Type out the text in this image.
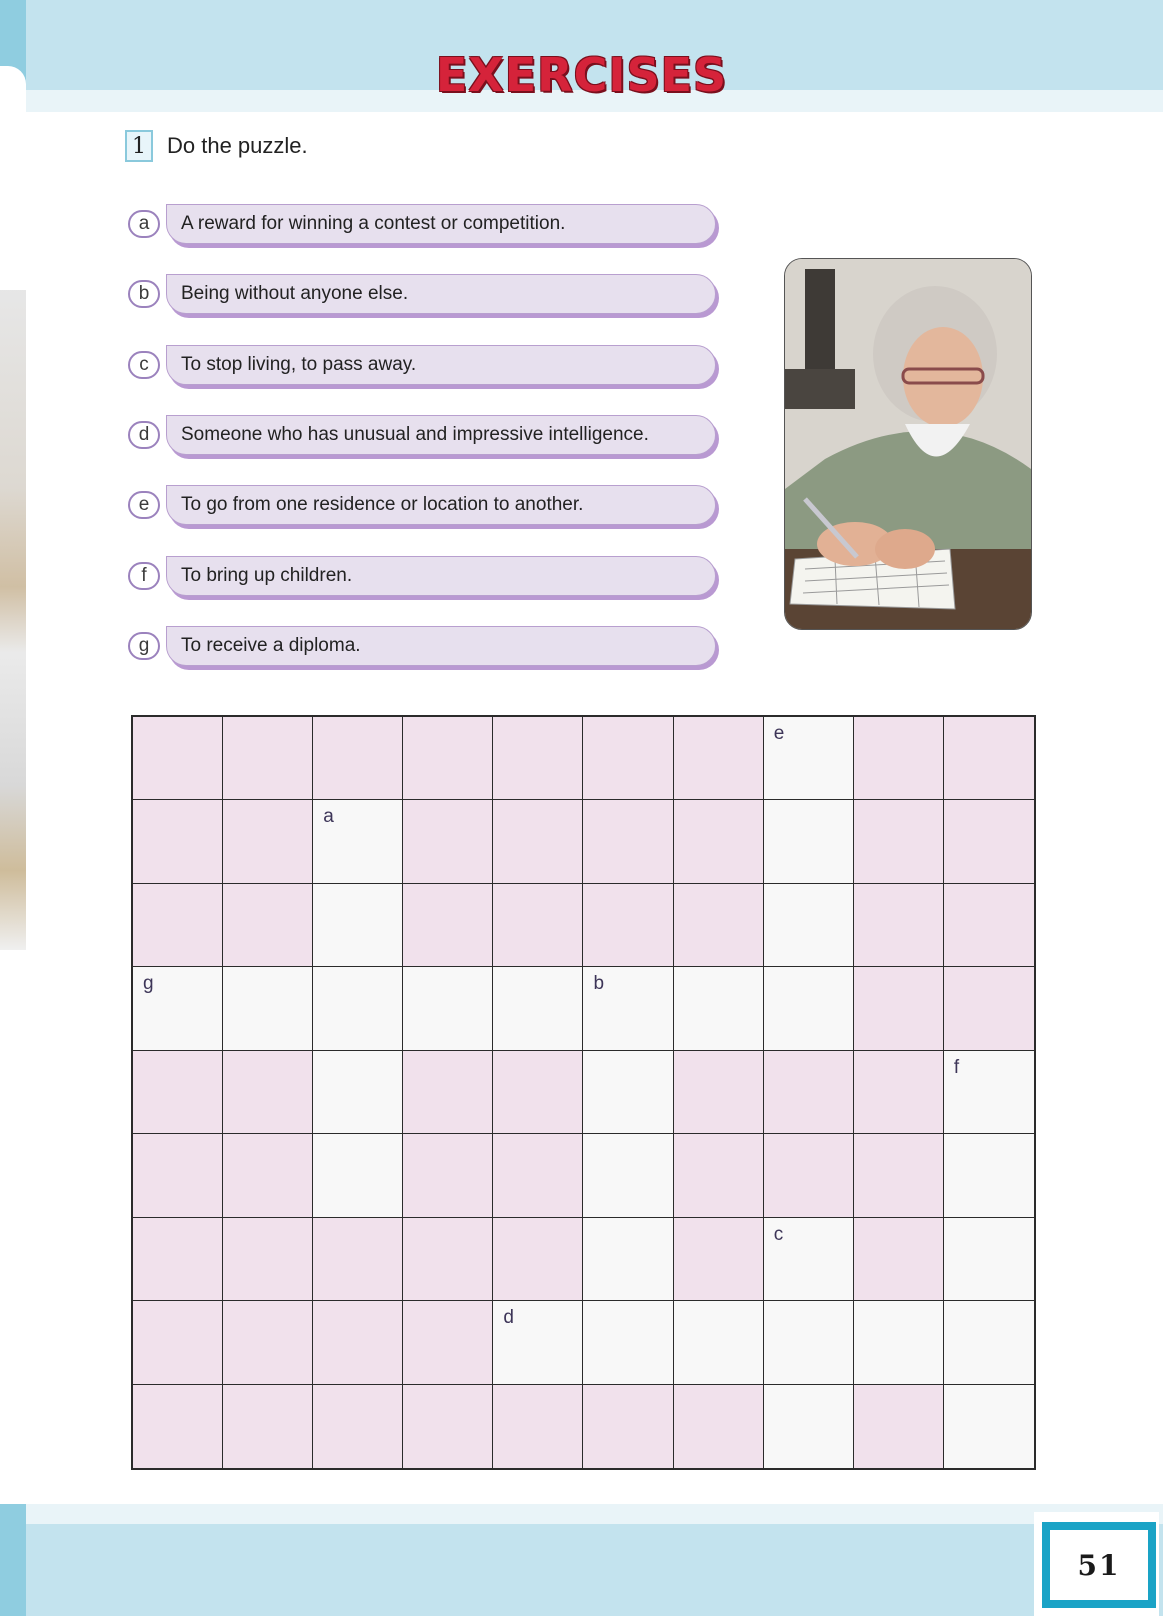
EXERCISES
1 Do the puzzle.
a	A reward for winning a contest or competition.
b	Being without anyone else.
c	To stop living, to pass away.
d	Someone who has unusual and impressive intelligence.
e	To go from one residence or location to another.
f	To bring up children.
g	To receive a diploma.
e
a
g	b
f
c
d
51
